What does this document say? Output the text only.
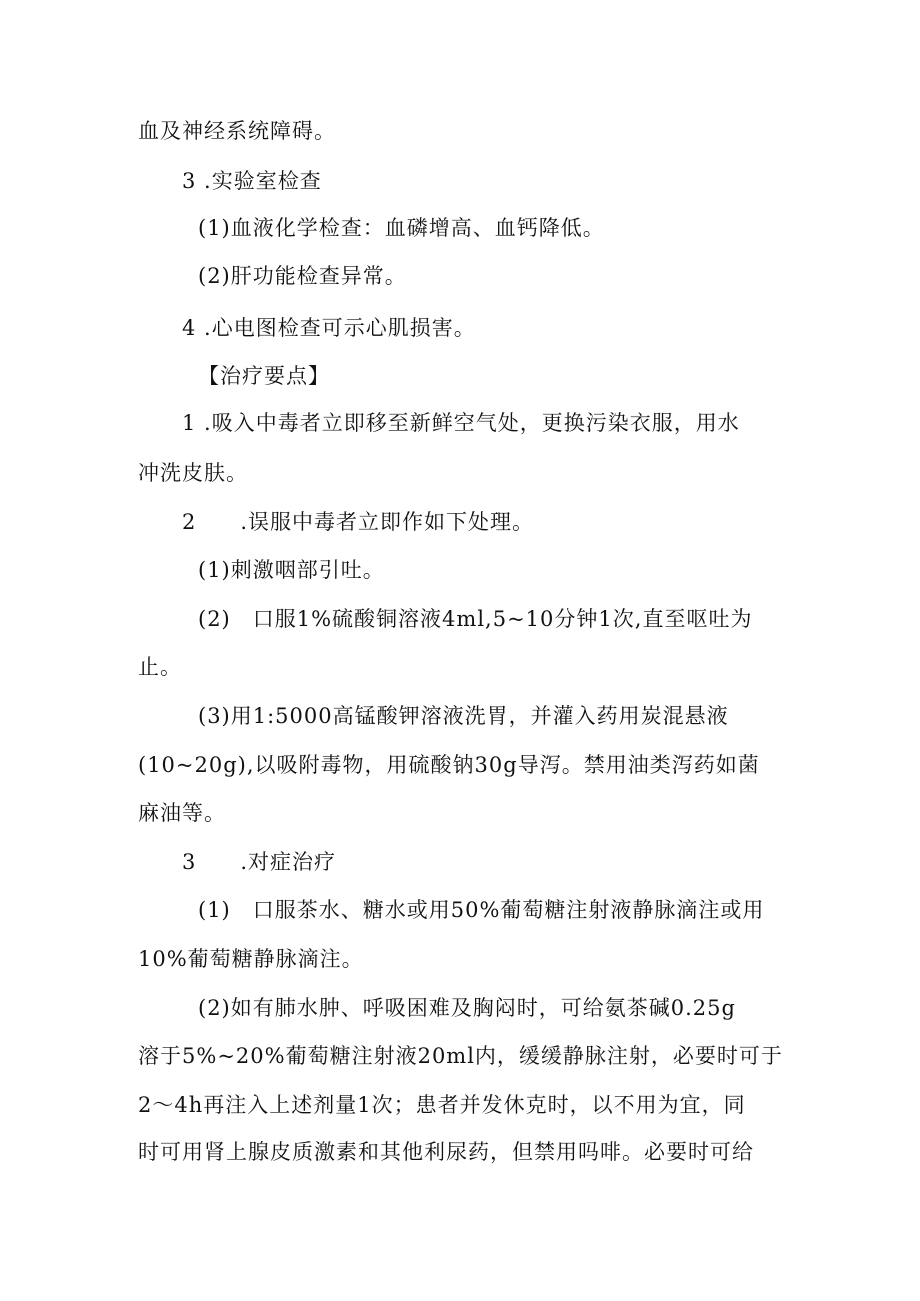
血及神经系统障碍。
3 .实验室检查
(1)血液化学检查：血磷增高、血钙降低。
(2)肝功能检查异常。
4 .心电图检查可示心肌损害。
【治疗要点】
1 .吸入中毒者立即移至新鲜空气处，更换污染衣服，用水
冲洗皮肤。
2　　.误服中毒者立即作如下处理。
(1)刺激咽部引吐。
(2)　口服1%硫酸铜溶液4ml,5~10分钟1次,直至呕吐为
止。
(3)用1:5000高锰酸钾溶液洗胃，并灌入药用炭混悬液
(10~20g),以吸附毒物，用硫酸钠30g导泻。禁用油类泻药如菌
麻油等。
3　　.对症治疗
(1)　口服茶水、糖水或用50%葡萄糖注射液静脉滴注或用
10%葡萄糖静脉滴注。
(2)如有肺水肿、呼吸困难及胸闷时，可给氨茶碱0.25g
溶于5%~20%葡萄糖注射液20ml内，缓缓静脉注射，必要时可于
2～4h再注入上述剂量1次；患者并发休克时，以不用为宜，同
时可用肾上腺皮质激素和其他利尿药，但禁用吗啡。必要时可给
